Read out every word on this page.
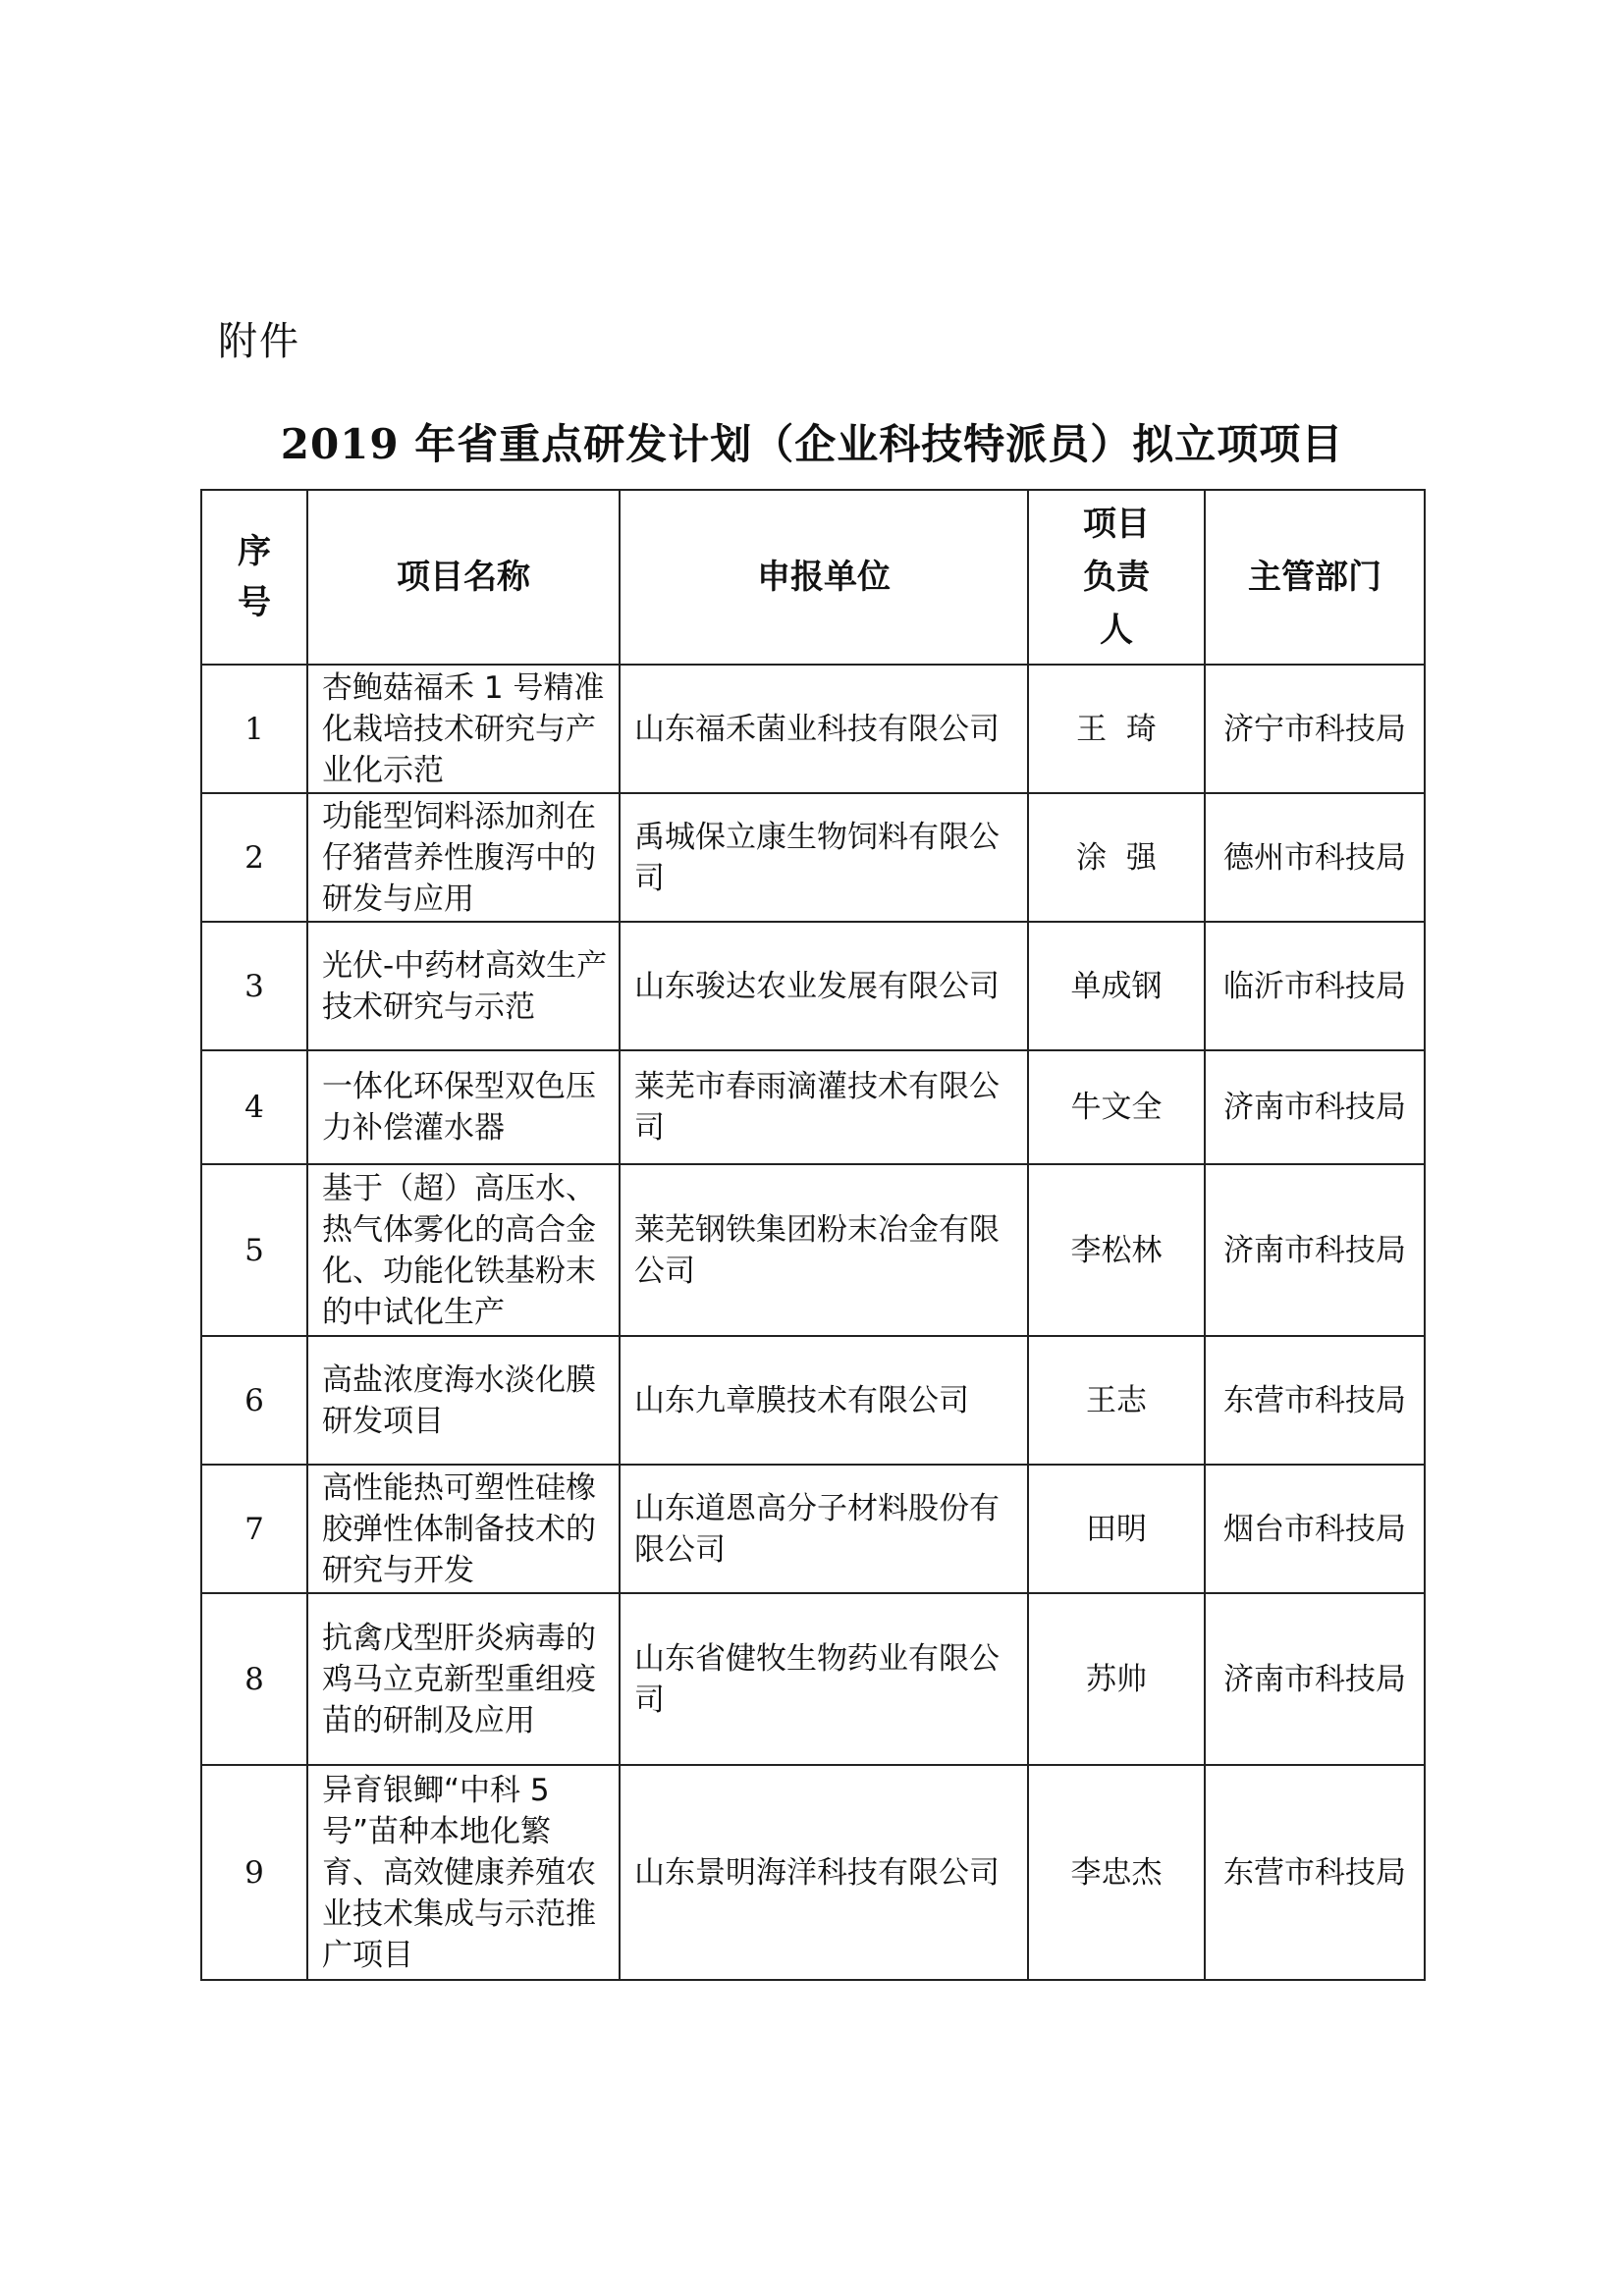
附件
2019 年省重点研发计划（企业科技特派员）拟立项项目
序号	项目名称	申报单位	项目负责人	主管部门
1	杏鲍菇福禾 1 号精准化栽培技术研究与产业化示范	山东福禾菌业科技有限公司	王  琦	济宁市科技局
2	功能型饲料添加剂在仔猪营养性腹泻中的研发与应用	禹城保立康生物饲料有限公司	涂  强	德州市科技局
3	光伏-中药材高效生产技术研究与示范	山东骏达农业发展有限公司	单成钢	临沂市科技局
4	一体化环保型双色压力补偿灌水器	莱芜市春雨滴灌技术有限公司	牛文全	济南市科技局
5	基于（超）高压水、热气体雾化的高合金化、功能化铁基粉末的中试化生产	莱芜钢铁集团粉末冶金有限公司	李松林	济南市科技局
6	高盐浓度海水淡化膜研发项目	山东九章膜技术有限公司	王志	东营市科技局
7	高性能热可塑性硅橡胶弹性体制备技术的研究与开发	山东道恩高分子材料股份有限公司	田明	烟台市科技局
8	抗禽戊型肝炎病毒的鸡马立克新型重组疫苗的研制及应用	山东省健牧生物药业有限公司	苏帅	济南市科技局
9	异育银鲫“中科 5 号”苗种本地化繁育、高效健康养殖农业技术集成与示范推广项目	山东景明海洋科技有限公司	李忠杰	东营市科技局
